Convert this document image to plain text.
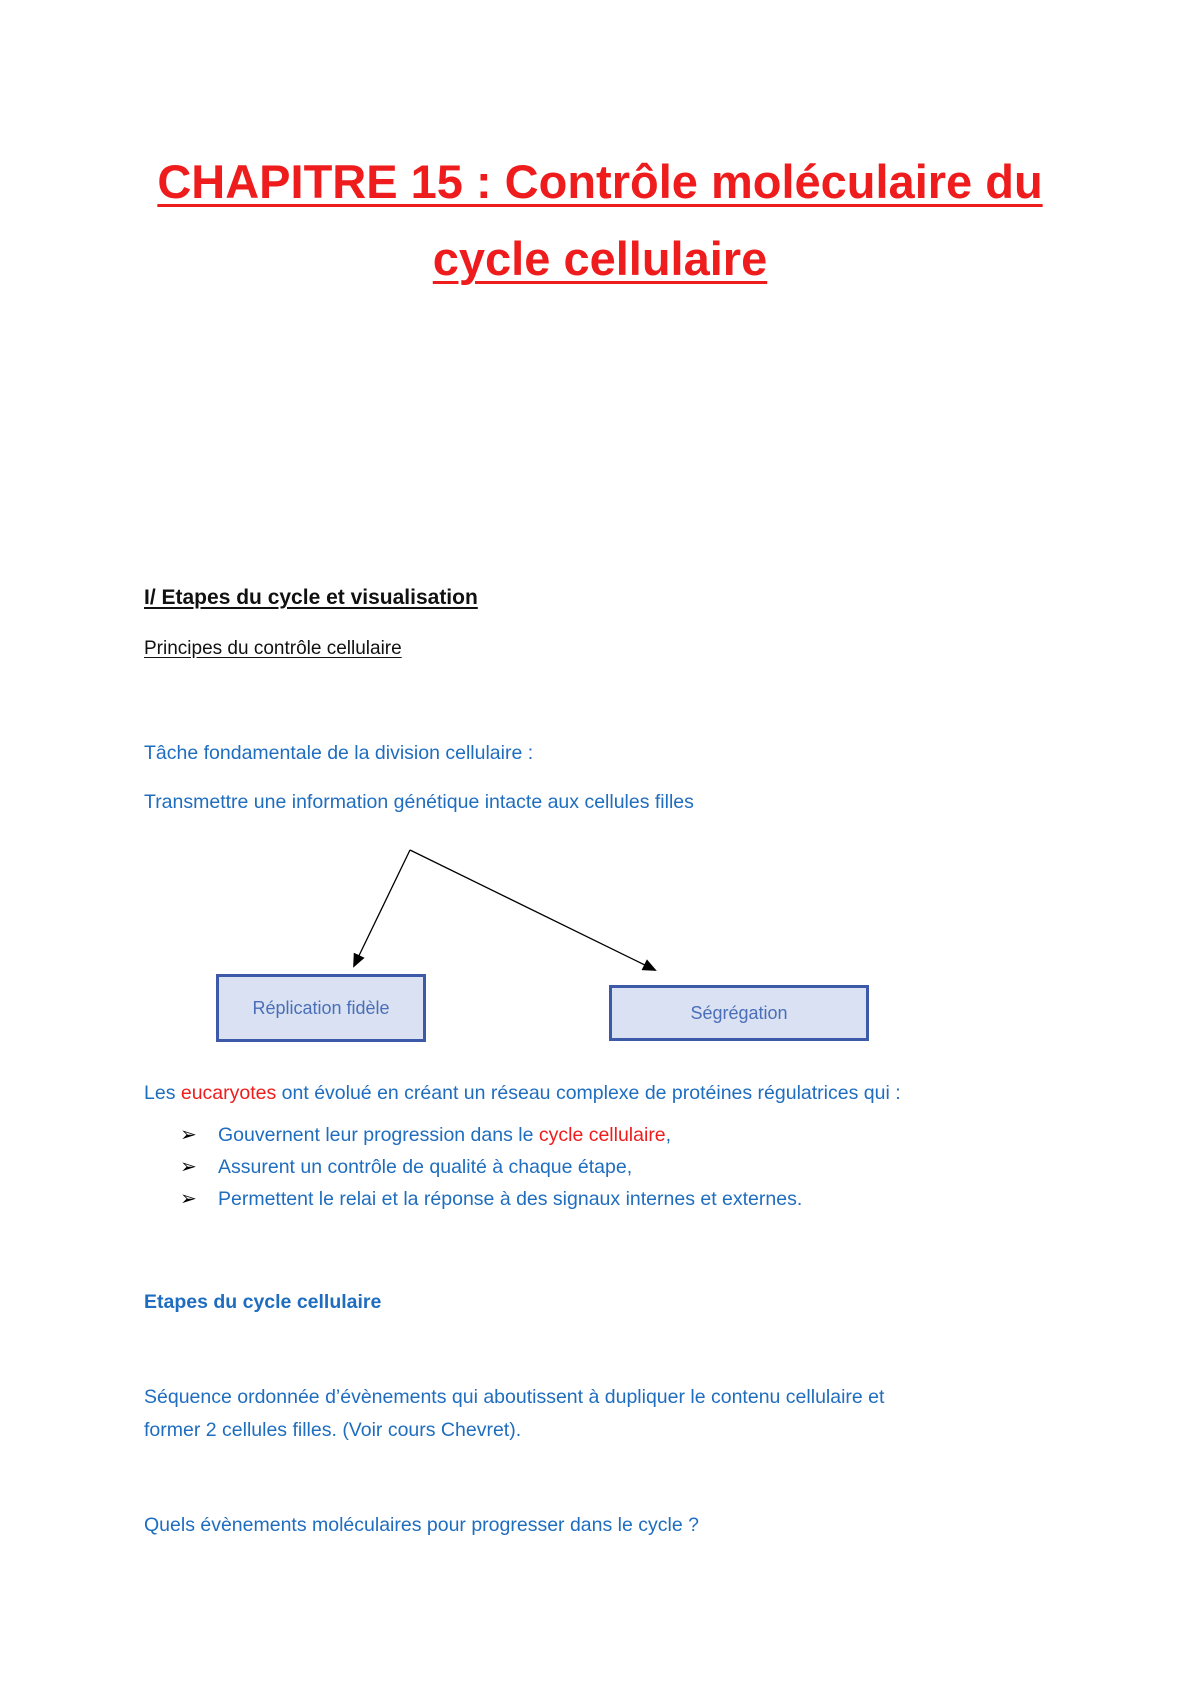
CHAPITRE 15 : Contrôle moléculaire du
cycle cellulaire
I/ Etapes du cycle et visualisation
Principes du contrôle cellulaire
Tâche fondamentale de la division cellulaire :
Transmettre une information génétique intacte aux cellules filles
Réplication fidèle	Ségrégation
Les eucaryotes ont évolué en créant un réseau complexe de protéines régulatrices qui :
➢ Gouvernent leur progression dans le cycle cellulaire,
➢ Assurent un contrôle de qualité à chaque étape,
➢ Permettent le relai et la réponse à des signaux internes et externes.
Etapes du cycle cellulaire
Séquence ordonnée d’évènements qui aboutissent à dupliquer le contenu cellulaire et
former 2 cellules filles. (Voir cours Chevret).
Quels évènements moléculaires pour progresser dans le cycle ?
